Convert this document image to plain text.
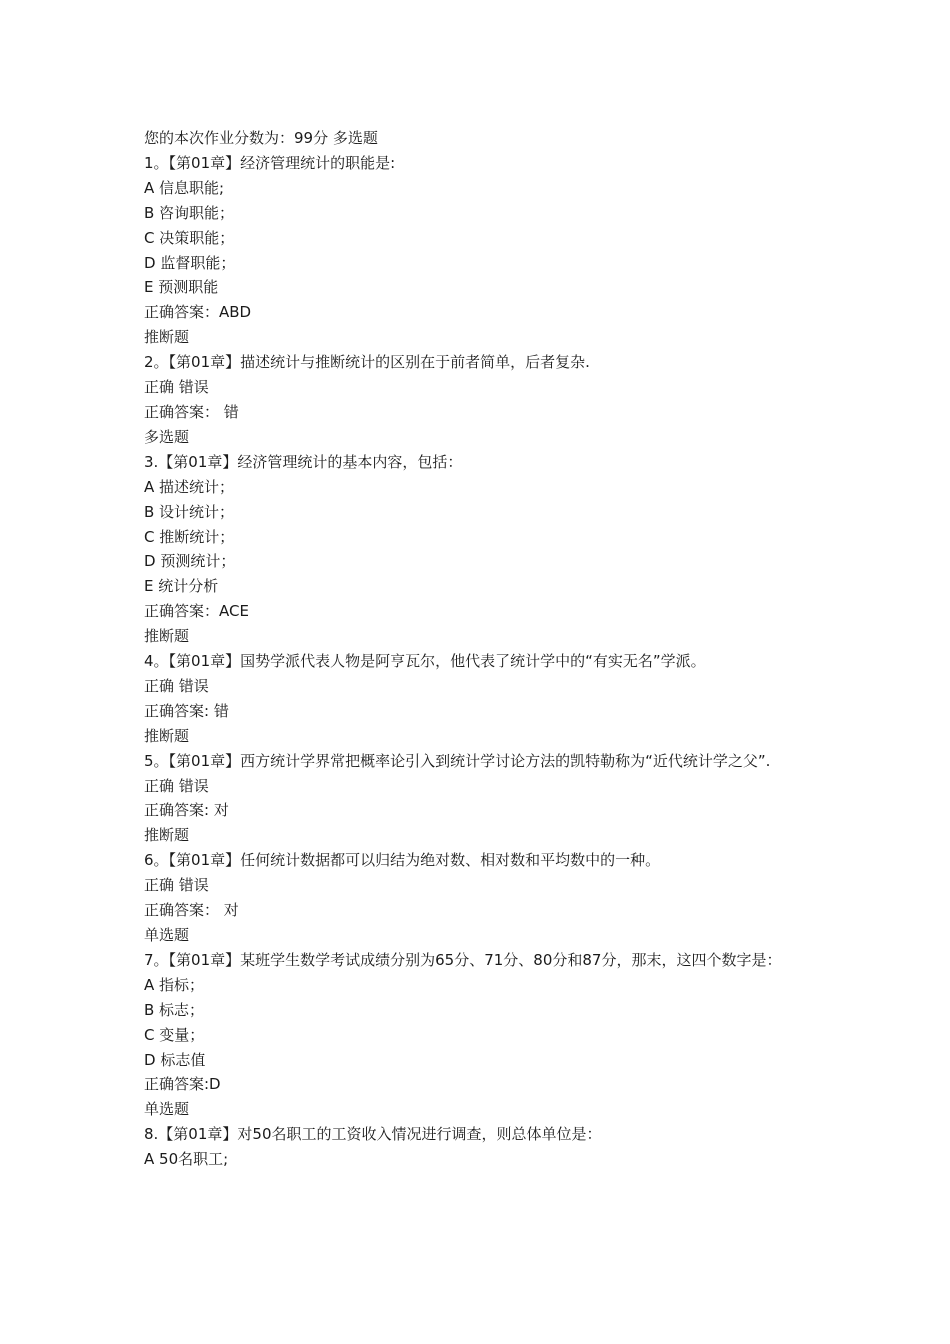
您的本次作业分数为：99分 多选题
1。【第01章】经济管理统计的职能是:
A 信息职能;
B 咨询职能；
C 决策职能；
D 监督职能；
E 预测职能
正确答案：ABD
推断题
2。【第01章】描述统计与推断统计的区别在于前者简单，后者复杂.
正确 错误
正确答案： 错
多选题
3.【第01章】经济管理统计的基本内容，包括：
A 描述统计；
B 设计统计；
C 推断统计；
D 预测统计；
E 统计分析
正确答案：ACE
推断题
4。【第01章】国势学派代表人物是阿亨瓦尔，他代表了统计学中的“有实无名”学派。
正确 错误
正确答案: 错
推断题
5。【第01章】西方统计学界常把概率论引入到统计学讨论方法的凯特勒称为“近代统计学之父”.
正确 错误
正确答案: 对
推断题
6。【第01章】任何统计数据都可以归结为绝对数、相对数和平均数中的一种。
正确 错误
正确答案： 对
单选题
7。【第01章】某班学生数学考试成绩分别为65分、71分、80分和87分，那末，这四个数字是：
A 指标；
B 标志；
C 变量；
D 标志值
正确答案:D
单选题
8.【第01章】对50名职工的工资收入情况进行调查，则总体单位是：
A 50名职工;
